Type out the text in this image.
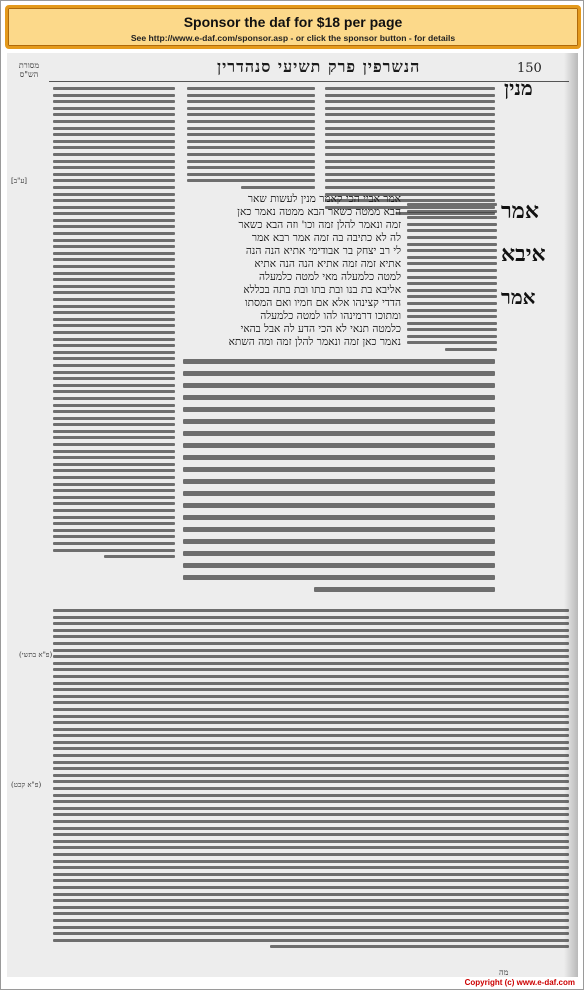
Sponsor the daf for $18 per page
See http://www.e-daf.com/sponsor.asp - or click the sponsor button - for details
מסורת הש"ס	הנשרפין פרק תשיעי סנהדרין	150
[ע"ב]
(פ"א בתשי)
(פ"א קכט)
מנין
אמר
איבא
אמר
אמר אביי הכי קאמר מנין לעשות שאר
הבא ממטה כשאר הבא ממטה נאמר כאן
זמה ונאמר להלן זמה וכו' וזה הבא כשאר
לה לא כתיבה בה זמה אמר רבא אמר
לי רב יצחק בר אבודימי אתיא הנה הנה
אתיא זמה זמה אתיא הנה הנה אתיא
למטה כלמעלה מאי למטה כלמעלה
אליבא בת בנו ובת בתו ובת בתה בכללא
הדדי קצינהו אלא אם חמיו ואם המסתו
ומתוכו דרמינהו להו למטה כלמעלה
כלמטה תנאי לא הכי הדע לה אבל בהאי
נאמר כאן זמה ונאמר להלן זמה ומה השתא
מה
Copyright (c) www.e-daf.com
